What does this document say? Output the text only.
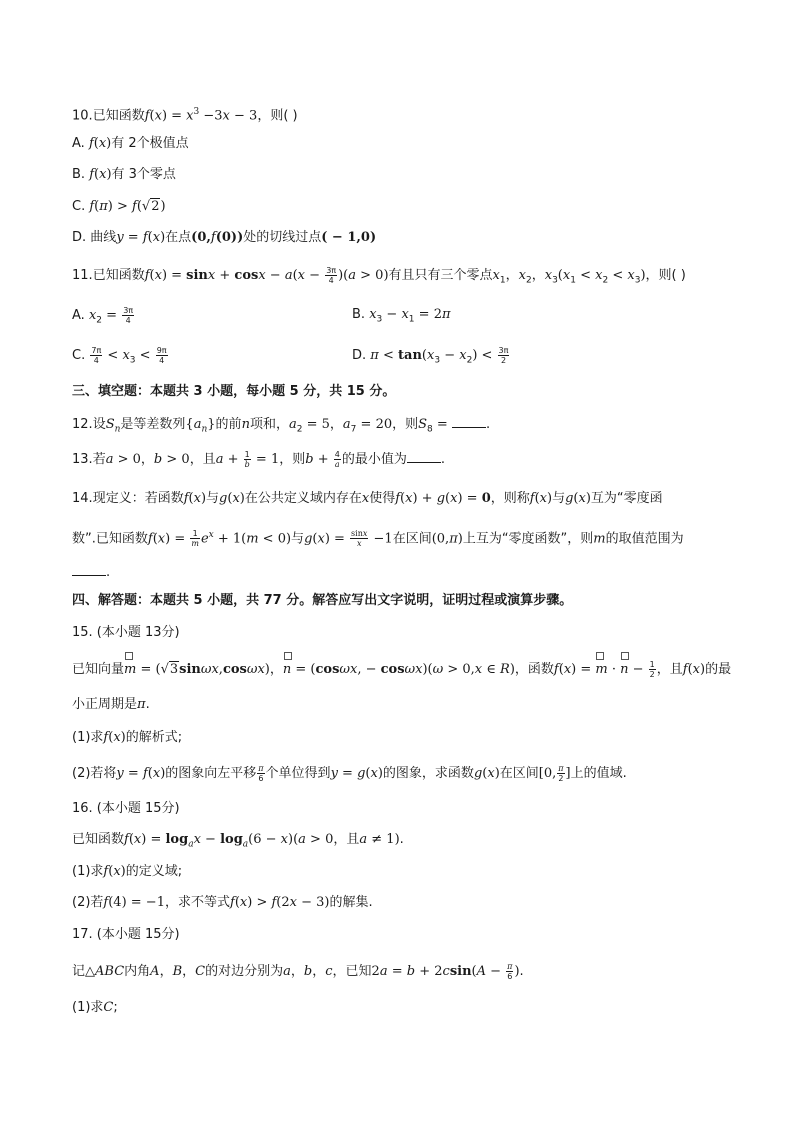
10.已知函数$f(x) = x^3 -3x - 3$，则( )
A. f(x)有 2个极值点
B. f(x)有 3个零点
C. f(π) > f(√2)
D. 曲线y = f(x)在点(0,f(0))处的切线过点( − 1,0)
11.已知函数$f(x) = \sin x + \cos x - a(x - \frac{3\pi}{4} )(a > 0)$有且只有三个零点$x_1$，$x_2$，$x_3(x_1 < x_2 < x_3)$，则( )
A. $x_2 = \frac{3\pi}{4}$	B. $x_3 - x_1 = 2\pi$
C. $\frac{7\pi}{4} < x_3 < \frac{9\pi}{4}$	D. $\pi < \tan(x_3 - x_2) < \frac{3\pi}{2}$
三、填空题：本题共 3 小题，每小题 5 分，共 15 分。
12.设$S_n$是等差数列$\{a_n\}$的前n项和，$a_2 = 5$，$a_7 = 20$，则$S_8$ =	.
13.若a > 0，b > 0，且$a + \frac{1}{b} = 1$，则$b + \frac{4}{a}$ 的最小值为	.
14.现定义：若函数f(x)与g(x)在公共定义域内存在x使得f(x) + g(x) = 0，则称f(x)与g(x)互为“零度函
数”.已知函数$f(x) = \frac{1}{m} e^x + 1(m < 0)$与$g(x) = \frac{\sin x}{x} -1$在区间(0,π)上互为“零度函数”，则m的取值范围为
.
四、解答题：本题共 5 小题，共 77 分。解答应写出文字说明，证明过程或演算步骤。
15. (本小题 13分)
已知向量m
= (√3sinωx,cosωx)，n
= (cosωx, − cosωx)(ω > 0,x ∈ R)，函数f(x) = m
· n
− $\frac{1}{2}$ ，且f(x)的最
小正周期是π.
(1)求f(x)的解析式;
(2)若将y = f(x)的图象向左平移 $\frac{\pi}{6}$ 个单位得到y = g(x)的图象，求函数g(x)在区间[0, $\frac{\pi}{2}$ ]上的值域.
16. (本小题 15分)
已知函数$f(x) = \log_ax - \log_a(6 - x)(a > 0$，且a ≠ 1).
(1)求f(x)的定义域;
(2)若f(4) = −1，求不等式f(x) > f(2x − 3)的解集.
17. (本小题 15分)
记△ABC内角A，B，C的对边分别为a，b，c，已知$2a = b + 2csin(A - \frac{\pi}{6}$ ).
(1)求C;
